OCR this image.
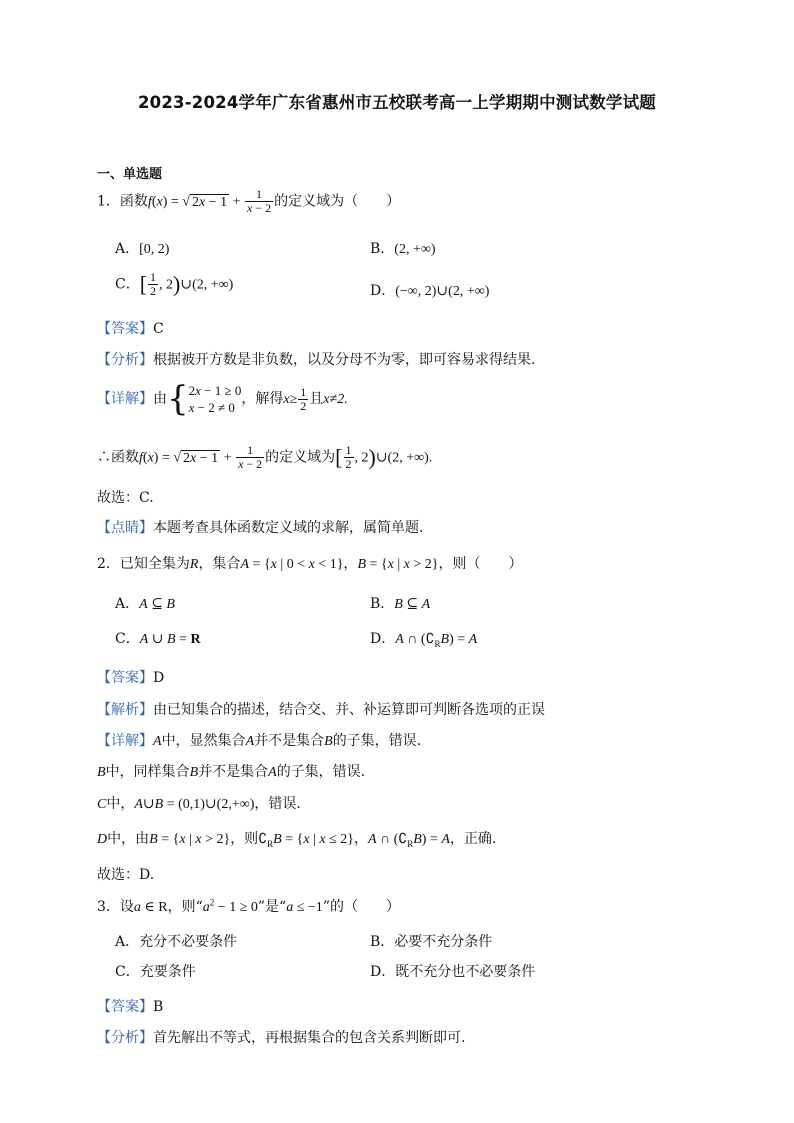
2023-2024学年广东省惠州市五校联考高一上学期期中测试数学试题
一、单选题
1．函数f(x) = √ $2x - 1 + \frac{1}{x - 2}$ 的定义域为（　　）
A．[0, 2)	B．(2, +∞)
C．[ $\frac{1}{2}$ , 2)∪(2, +∞)	D．(−∞, 2)∪(2, +∞)
【答案】C
【分析】根据被开方数是非负数，以及分母不为零，即可容易求得结果.
【详解】由{ 2x − 1 ≥ 0
x − 2 ≠ 0
，解得$x\ge \frac{1}{2}$ 且x≠2.
∴函数f(x) = √ $2x - 1 + \frac{1}{x - 2}$ 的定义域为[ $\frac{1}{2}$ , 2)∪(2, +∞).
故选：C.
【点睛】本题考查具体函数定义域的求解，属简单题.
2．已知全集为R，集合A = {x | 0 < x < 1}，B = {x | x > 2}，则（　　）
A．A ⊆ B	B．B ⊆ A
C．A ∪ B = R	D．A ∩ $(∁_RB) = A$
【答案】D
【解析】由已知集合的描述，结合交、并、补运算即可判断各选项的正误
【详解】A中，显然集合A并不是集合B的子集，错误.
B中，同样集合B并不是集合A的子集，错误.
C中，A∪B = (0,1)∪(2,+∞)，错误.
D中，由B = {x | x > 2}，则$∁_RB = \{x$ | x ≤ 2}，A ∩ $(∁_RB) = A$，正确.
故选：D.
3．设a ∈ R，则“$a^2 - 1 \ge 0$”是“a ≤ −1”的（　　）
A．充分不必要条件	B．必要不充分条件
C．充要条件	D．既不充分也不必要条件
【答案】B
【分析】首先解出不等式，再根据集合的包含关系判断即可.
